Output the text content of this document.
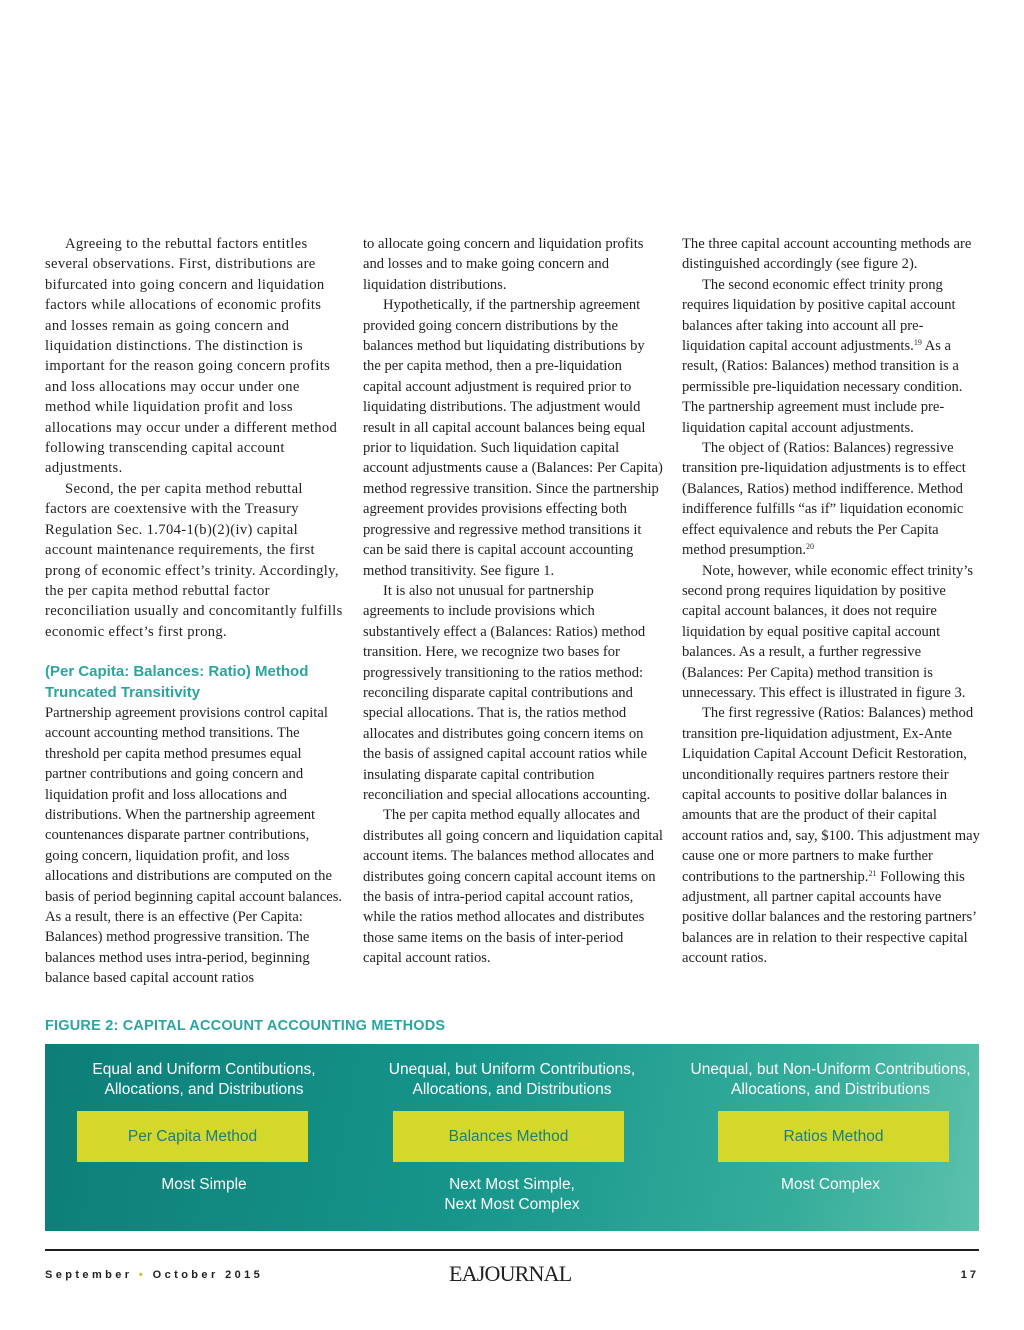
Agreeing to the rebuttal factors entitles several observations. First, distributions are bifurcated into going concern and liquidation factors while allocations of economic profits and losses remain as going concern and liquidation distinctions. The distinction is important for the reason going concern profits and loss allocations may occur under one method while liquidation profit and loss allocations may occur under a different method following transcending capital account adjustments.

Second, the per capita method rebuttal factors are coextensive with the Treasury Regulation Sec. 1.704-1(b)(2)(iv) capital account maintenance requirements, the first prong of economic effect’s trinity. Accordingly, the per capita method rebuttal factor reconciliation usually and concomitantly fulfills economic effect’s first prong.

(Per Capita: Balances: Ratio) Method Truncated Transitivity

Partnership agreement provisions control capital account accounting method transitions. The threshold per capita method presumes equal partner contributions and going concern and liquidation profit and loss allocations and distributions. When the partnership agreement countenances disparate partner contributions, going concern, liquidation profit, and loss allocations and distributions are computed on the basis of period beginning capital account balances. As a result, there is an effective (Per Capita: Balances) method progressive transition. The balances method uses intra-period, beginning balance based capital account ratios

to allocate going concern and liquidation profits and losses and to make going concern and liquidation distributions.

Hypothetically, if the partnership agreement provided going concern distributions by the balances method but liquidating distributions by the per capita method, then a pre-liquidation capital account adjustment is required prior to liquidating distributions. The adjustment would result in all capital account balances being equal prior to liquidation. Such liquidation capital account adjustments cause a (Balances: Per Capita) method regressive transition. Since the partnership agreement provides provisions effecting both progressive and regressive method transitions it can be said there is capital account accounting method transitivity. See figure 1.

It is also not unusual for partnership agreements to include provisions which substantively effect a (Balances: Ratios) method transition. Here, we recognize two bases for progressively transitioning to the ratios method: reconciling disparate capital contributions and special allocations. That is, the ratios method allocates and distributes going concern items on the basis of assigned capital account ratios while insulating disparate capital contribution reconciliation and special allocations accounting.

The per capita method equally allocates and distributes all going concern and liquidation capital account items. The balances method allocates and distributes going concern capital account items on the basis of intra-period capital account ratios, while the ratios method allocates and distributes those same items on the basis of inter-period capital account ratios.

The three capital account accounting methods are distinguished accordingly (see figure 2).

The second economic effect trinity prong requires liquidation by positive capital account balances after taking into account all pre-liquidation capital account adjustments.$^{19}$ As a result, (Ratios: Balances) method transition is a permissible pre-liquidation necessary condition. The partnership agreement must include pre-liquidation capital account adjustments.

The object of (Ratios: Balances) regressive transition pre-liquidation adjustments is to effect (Balances, Ratios) method indifference. Method indifference fulfills “as if” liquidation economic effect equivalence and rebuts the Per Capita method presumption.$^{20}$

Note, however, while economic effect trinity’s second prong requires liquidation by positive capital account balances, it does not require liquidation by equal positive capital account balances. As a result, a further regressive (Balances: Per Capita) method transition is unnecessary. This effect is illustrated in figure 3.

The first regressive (Ratios: Balances) method transition pre-liquidation adjustment, Ex-Ante Liquidation Capital Account Deficit Restoration, unconditionally requires partners restore their capital accounts to positive dollar balances in amounts that are the product of their capital account ratios and, say, $100. This adjustment may cause one or more partners to make further contributions to the partnership.$^{21}$ Following this adjustment, all partner capital accounts have positive dollar balances and the restoring partners’ balances are in relation to their respective capital account ratios.

FIGURE 2: CAPITAL ACCOUNT ACCOUNTING METHODS
Equal and Uniform Contibutions,
Allocations, and Distributions
Per Capita Method
Most Simple
Unequal, but Uniform Contributions,
Allocations, and Distributions
Balances Method
Next Most Simple,
Next Most Complex
Unequal, but Non-Uniform Contributions,
Allocations, and Distributions
Ratios Method
Most Complex
September • October 2015	EAJOURNAL	17
